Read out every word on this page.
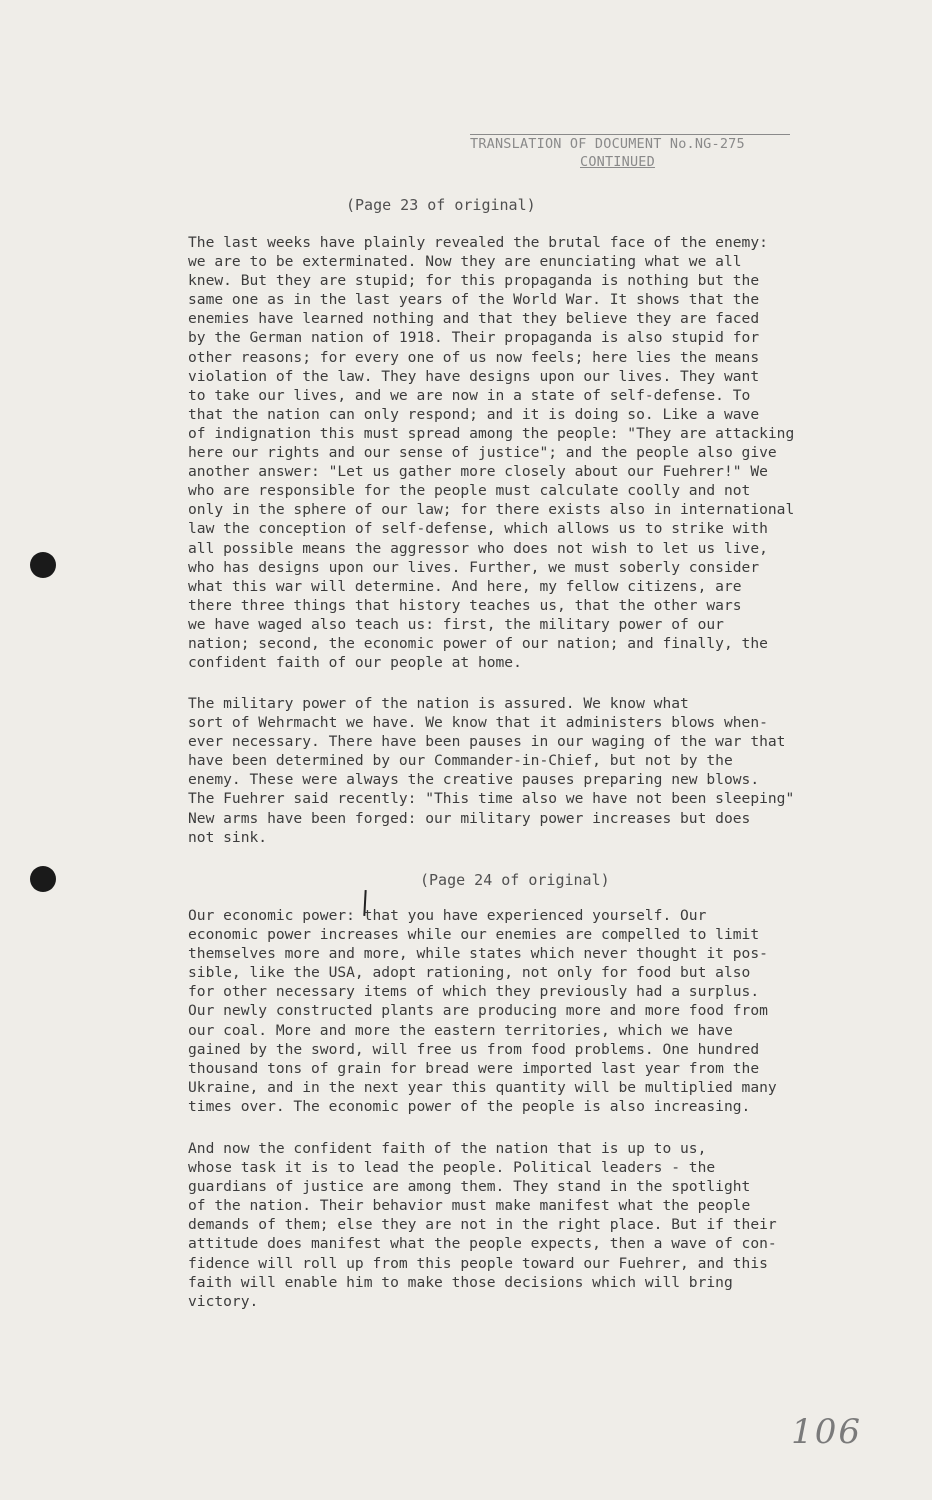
TRANSLATION OF DOCUMENT No.NG-275
CONTINUED
(Page 23 of original)
The last weeks have plainly revealed the brutal face of the enemy:
we are to be exterminated. Now they are enunciating what we all
knew. But they are stupid; for this propaganda is nothing but the
same one as in the last years of the World War. It shows that the
enemies have learned nothing and that they believe they are faced
by the German nation of 1918. Their propaganda is also stupid for
other reasons; for every one of us now feels; here lies the means
violation of the law. They have designs upon our lives. They want
to take our lives, and we are now in a state of self-defense. To
that the nation can only respond; and it is doing so. Like a wave
of indignation this must spread among the people: "They are attacking
here our rights and our sense of justice"; and the people also give
another answer: "Let us gather more closely about our Fuehrer!" We
who are responsible for the people must calculate coolly and not
only in the sphere of our law; for there exists also in international
law the conception of self-defense, which allows us to strike with
all possible means the aggressor who does not wish to let us live,
who has designs upon our lives. Further, we must soberly consider
what this war will determine. And here, my fellow citizens, are
there three things that history teaches us, that the other wars
we have waged also teach us: first, the military power of our
nation; second, the economic power of our nation; and finally, the
confident faith of our people at home.
The military power of the nation is assured. We know what
sort of Wehrmacht we have. We know that it administers blows when-
ever necessary. There have been pauses in our waging of the war that
have been determined by our Commander-in-Chief, but not by the
enemy. These were always the creative pauses preparing new blows.
The Fuehrer said recently: "This time also we have not been sleeping"
New arms have been forged: our military power increases but does
not sink.
(Page 24 of original)
Our economic power: that you have experienced yourself. Our
economic power increases while our enemies are compelled to limit
themselves more and more, while states which never thought it pos-
sible, like the USA, adopt rationing, not only for food but also
for other necessary items of which they previously had a surplus.
Our newly constructed plants are producing more and more food from
our coal. More and more the eastern territories, which we have
gained by the sword, will free us from food problems. One hundred
thousand tons of grain for bread were imported last year from the
Ukraine, and in the next year this quantity will be multiplied many
times over. The economic power of the people is also increasing.
And now the confident faith of the nation that is up to us,
whose task it is to lead the people. Political leaders - the
guardians of justice are among them. They stand in the spotlight
of the nation. Their behavior must make manifest what the people
demands of them; else they are not in the right place. But if their
attitude does manifest what the people expects, then a wave of con-
fidence will roll up from this people toward our Fuehrer, and this
faith will enable him to make those decisions which will bring
victory.
106
